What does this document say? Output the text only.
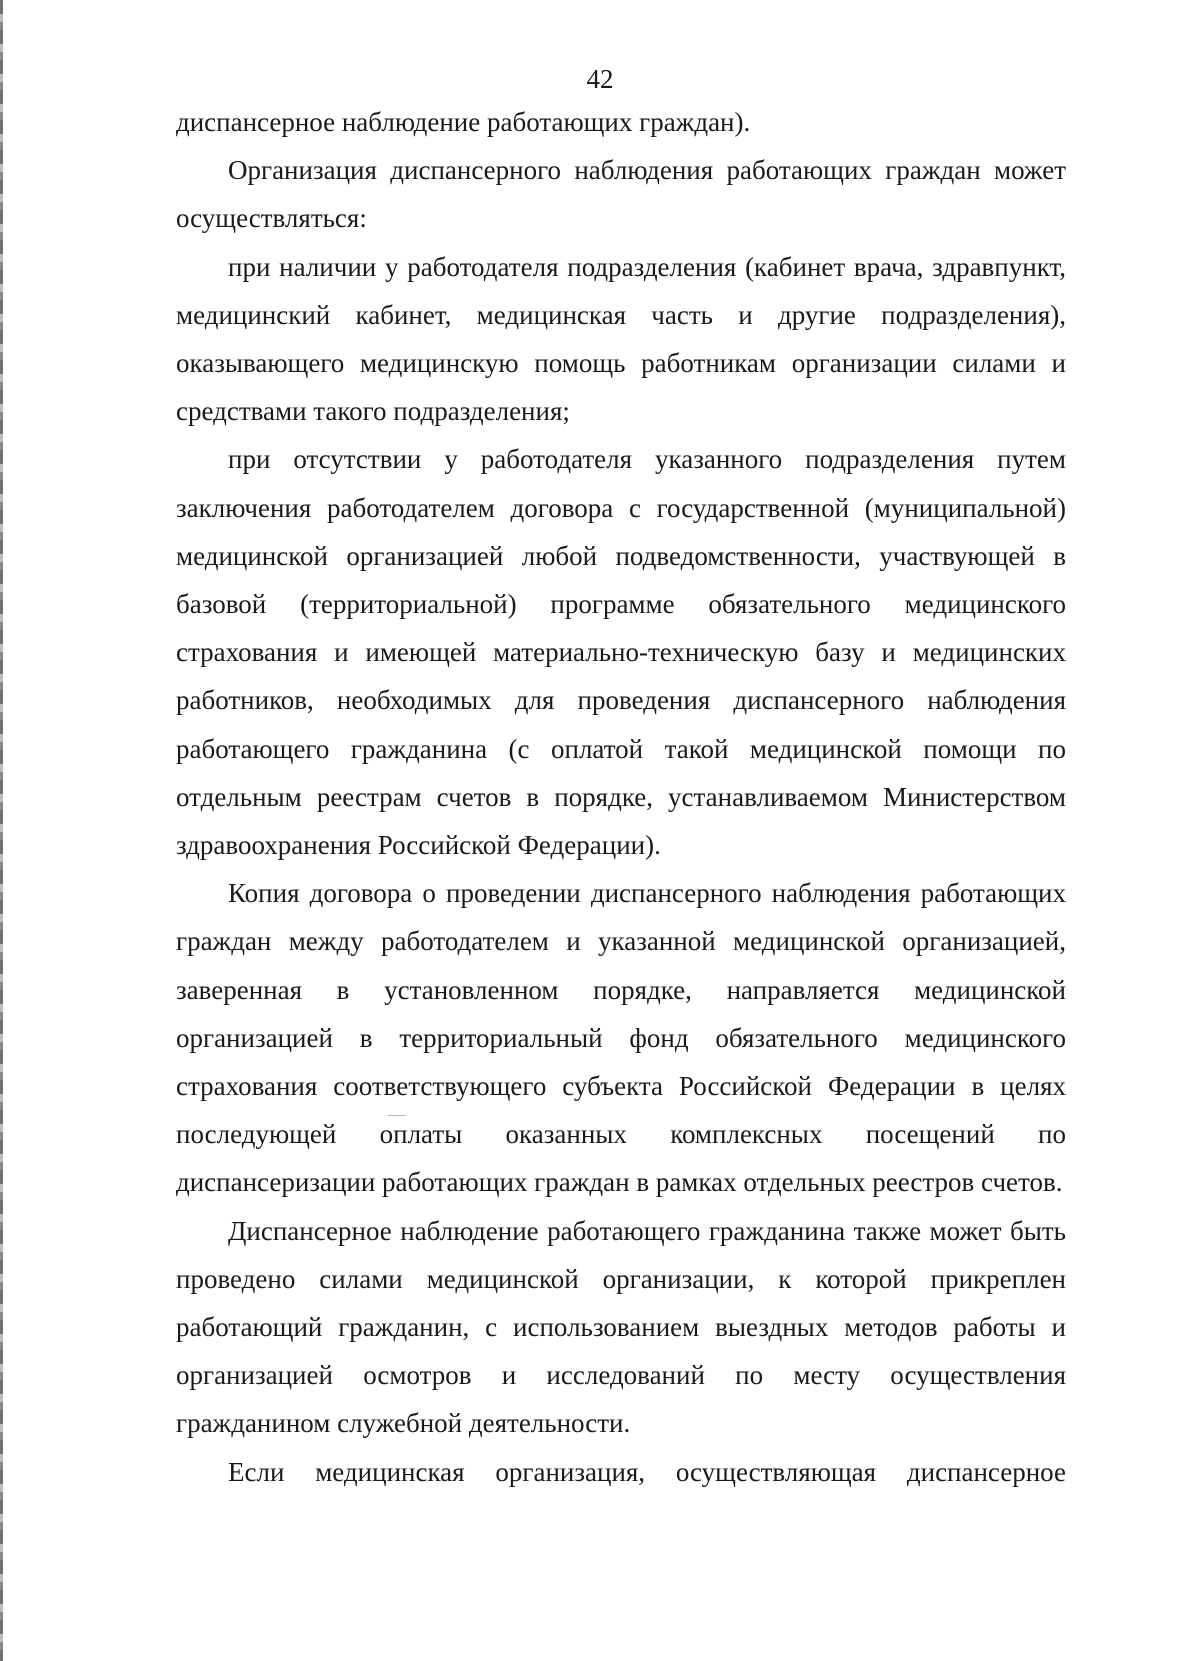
42

диспансерное наблюдение работающих граждан).

Организация диспансерного наблюдения работающих граждан может осуществляться:

при наличии у работодателя подразделения (кабинет врача, здравпункт, медицинский кабинет, медицинская часть и другие подразделения), оказывающего медицинскую помощь работникам организации силами и средствами такого подразделения;

при отсутствии у работодателя указанного подразделения путем заключения работодателем договора с государственной (муниципальной) медицинской организацией любой подведомственности, участвующей в базовой (территориальной) программе обязательного медицинского страхования и имеющей материально-техническую базу и медицинских работников, необходимых для проведения диспансерного наблюдения работающего гражданина (с оплатой такой медицинской помощи по отдельным реестрам счетов в порядке, устанавливаемом Министерством здравоохранения Российской Федерации).

Копия договора о проведении диспансерного наблюдения работающих граждан между работодателем и указанной медицинской организацией, заверенная в установленном порядке, направляется медицинской организацией в территориальный фонд обязательного медицинского страхования соответствующего субъекта Российской Федерации в целях последующей оплаты оказанных комплексных посещений по диспансеризации работающих граждан в рамках отдельных реестров счетов.

Диспансерное наблюдение работающего гражданина также может быть проведено силами медицинской организации, к которой прикреплен работающий гражданин, с использованием выездных методов работы и организацией осмотров и исследований по месту осуществления гражданином служебной деятельности.

Если медицинская организация, осуществляющая диспансерное
